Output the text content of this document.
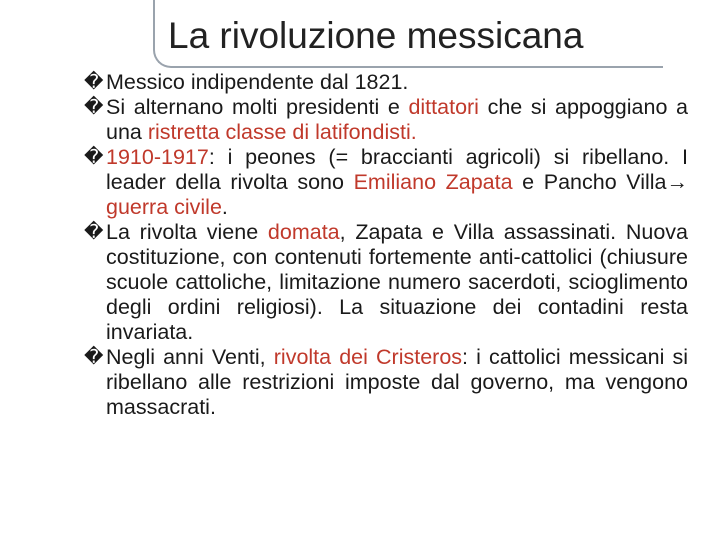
La rivoluzione messicana

� Messico indipendente dal 1821.

� Si alternano molti presidenti e dittatori che si appoggiano a una ristretta classe di latifondisti.

� 1910-1917: i peones (= braccianti agricoli) si ribellano. I leader della rivolta sono Emiliano Zapata e Pancho Villa→ guerra civile.

� La rivolta viene domata, Zapata e Villa assassinati. Nuova costituzione, con contenuti fortemente anti-cattolici (chiusure scuole cattoliche, limitazione numero sacerdoti, scioglimento degli ordini religiosi). La situazione dei contadini resta invariata.

� Negli anni Venti, rivolta dei Cristeros: i cattolici messicani si ribellano alle restrizioni imposte dal governo, ma vengono massacrati.
